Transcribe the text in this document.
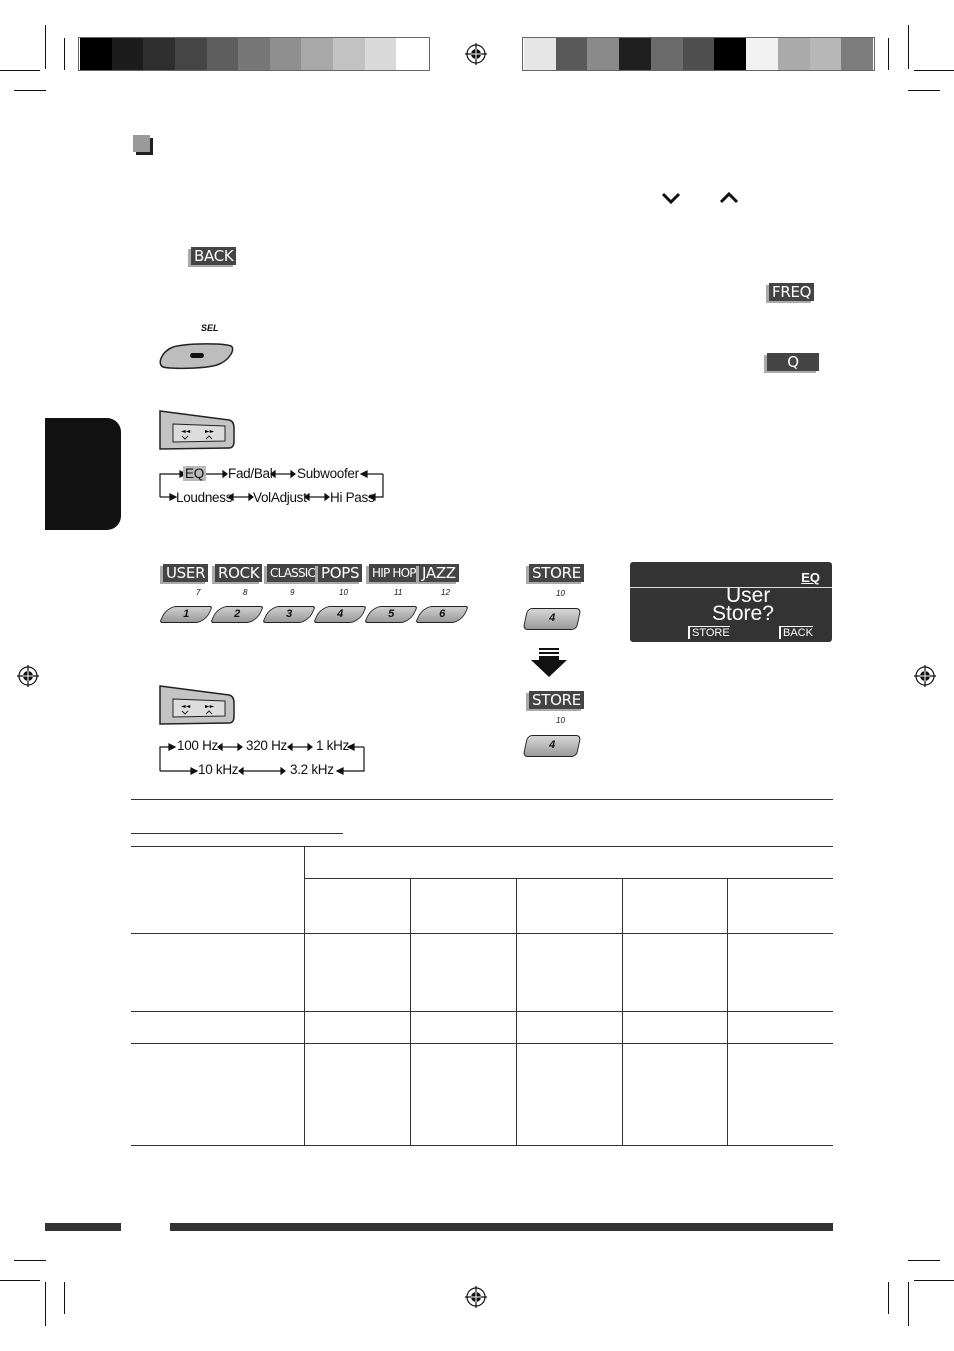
BACK
FREQ
Q
SEL
◄◄ ►►
◄◄ ►►
EQ Fad/Bal Subwoofer
Loudness VolAdjust Hi Pass
USER ROCK CLASSIC POPS HIP HOP JAZZ
7	8	9	10	11	12
1	2	3	4	5	6
STORE
10
4
STORE
10
4
EQ
User
Store?
STORE	BACK
100 Hz 320 Hz 1 kHz
10 kHz	3.2 kHz
